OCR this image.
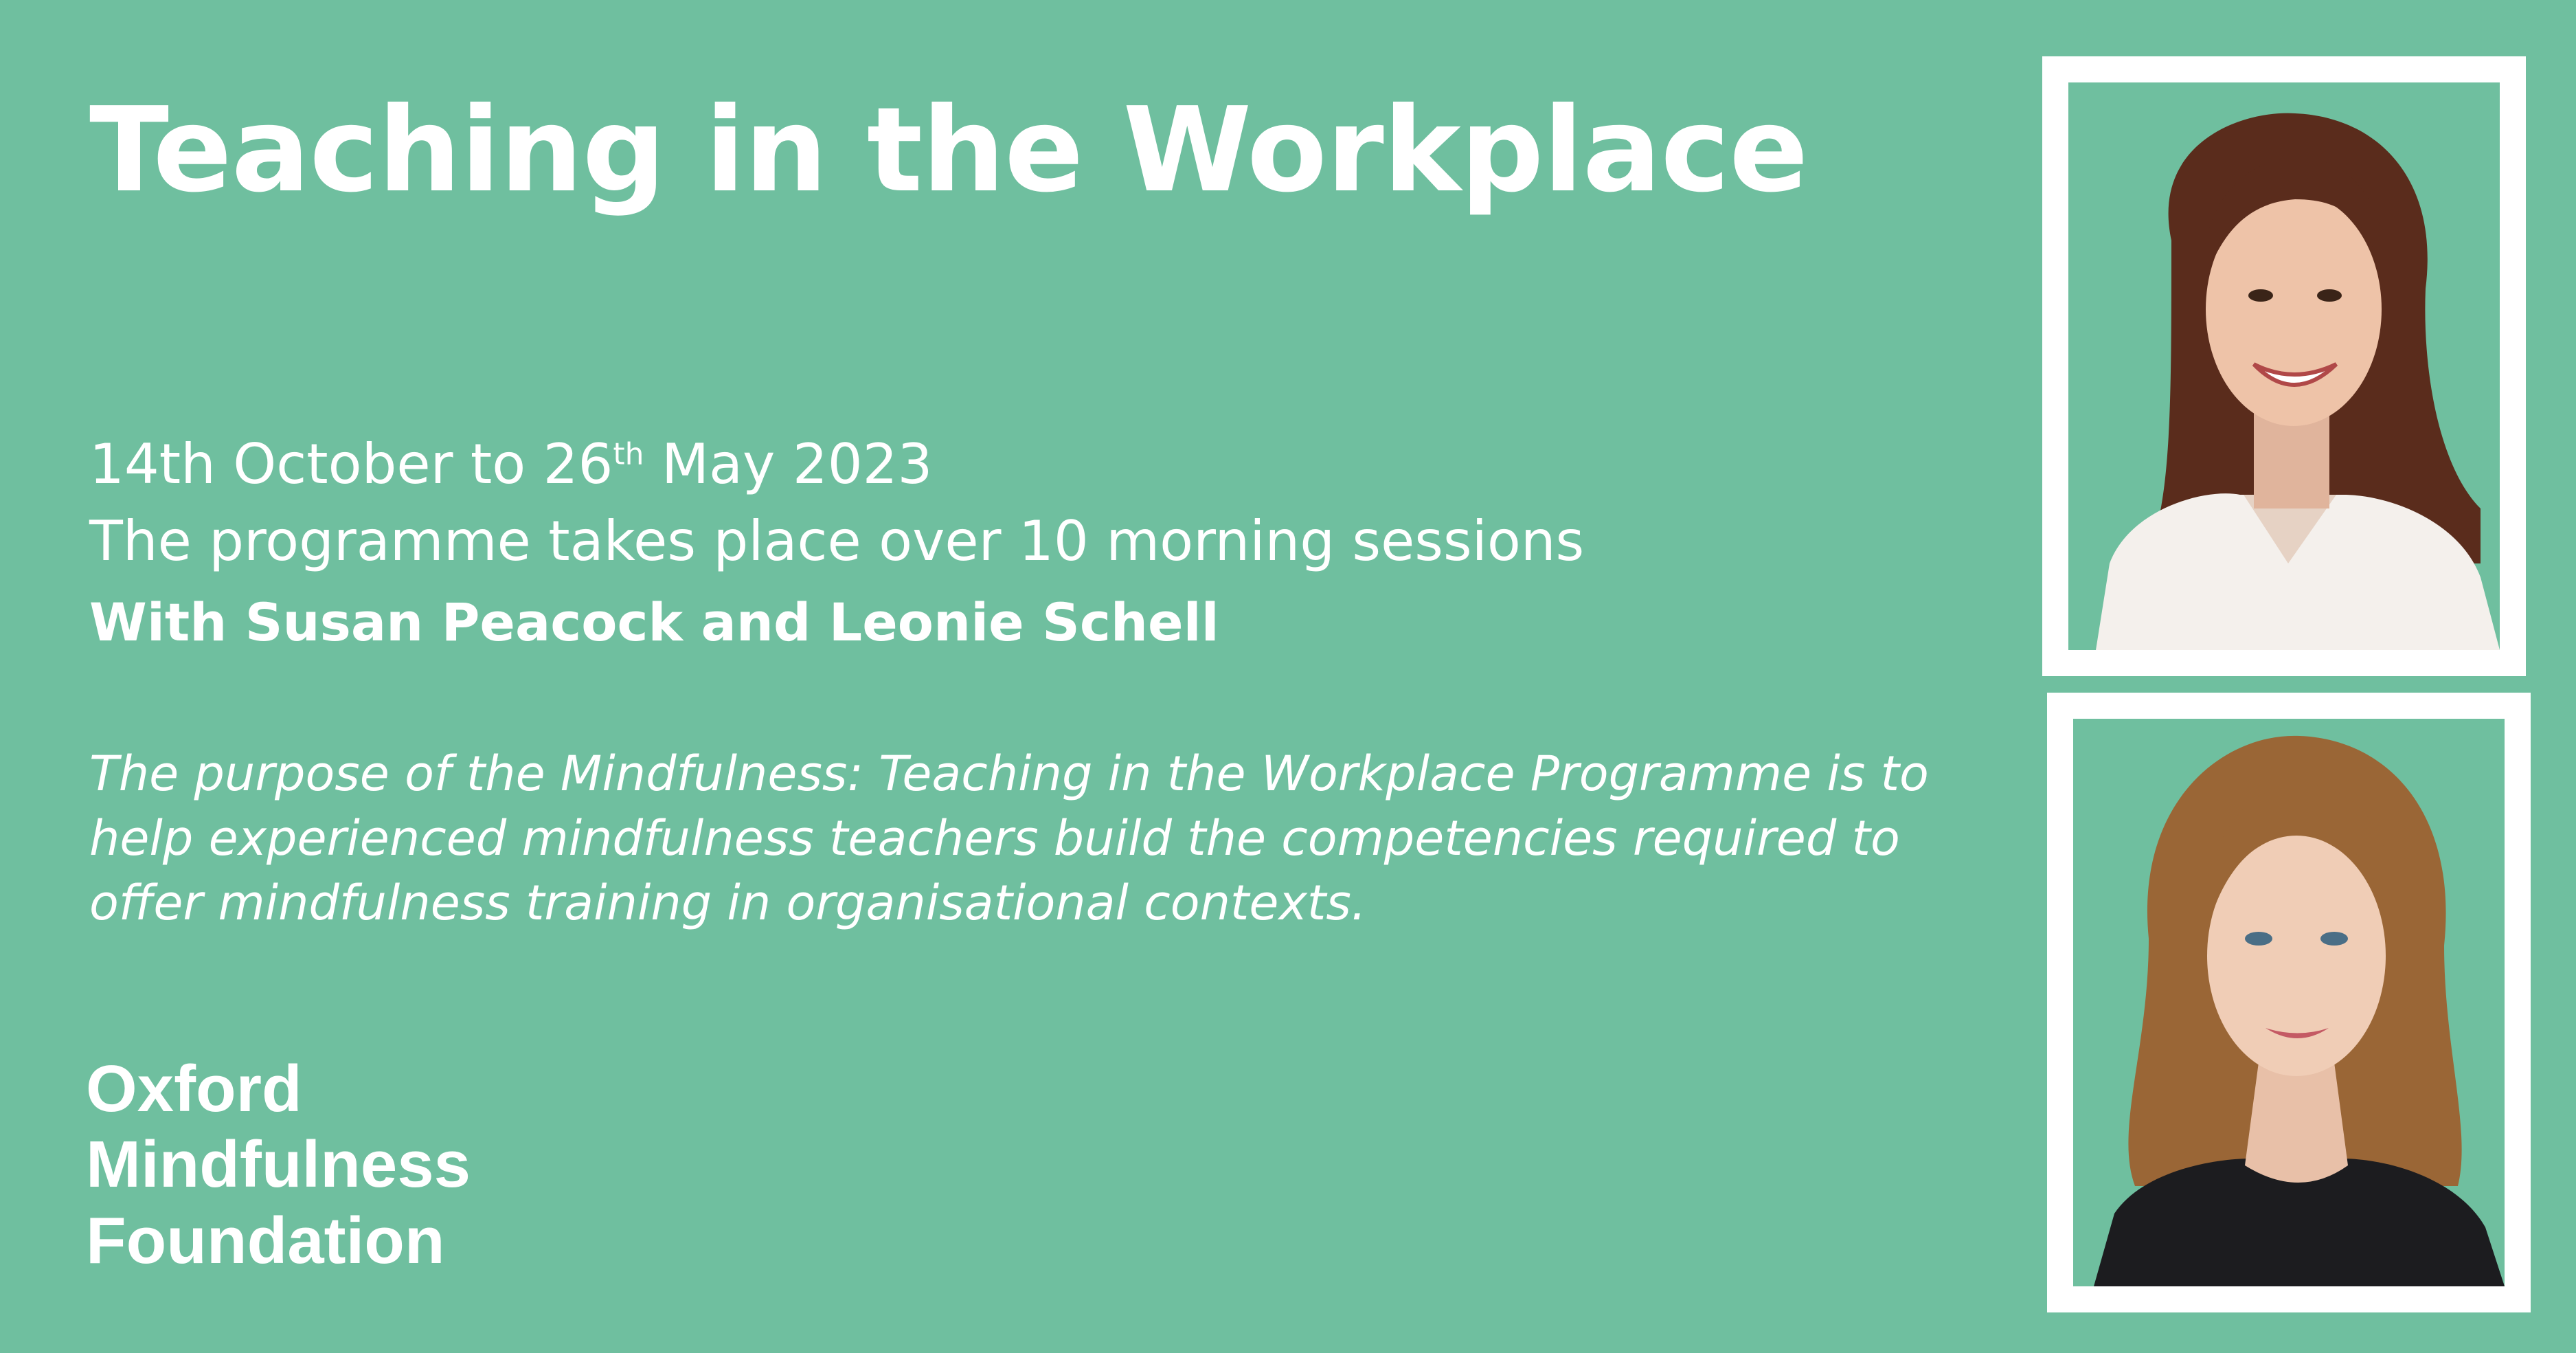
Teaching in the Workplace
14th October to 26th May 2023
The programme takes place over 10 morning sessions
With Susan Peacock and Leonie Schell

The purpose of the Mindfulness: Teaching in the Workplace Programme is to help experienced mindfulness teachers build the competencies required to offer mindfulness training in organisational contexts.

Oxford
Mindfulness
Foundation
